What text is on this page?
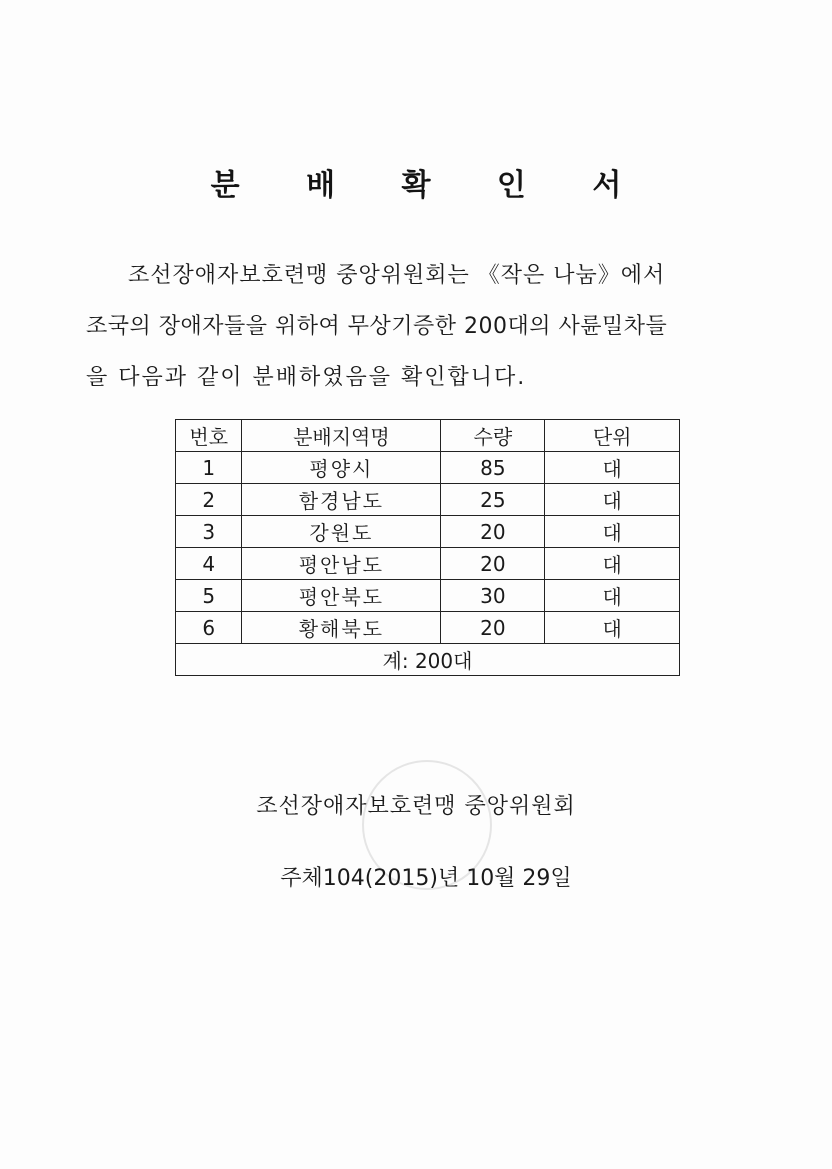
분 배 확 인 서
조선장애자보호련맹 중앙위원회는 《작은 나눔》에서
조국의 장애자들을 위하여 무상기증한 200대의 사륜밀차들
을 다음과 같이 분배하였음을 확인합니다.
번호	분배지역명	수량	단위
1	평양시	85	대
2	함경남도	25	대
3	강원도	20	대
4	평안남도	20	대
5	평안북도	30	대
6	황해북도	20	대
계: 200대			
조선장애자보호련맹 중앙위원회
주체104(2015)년 10월 29일
